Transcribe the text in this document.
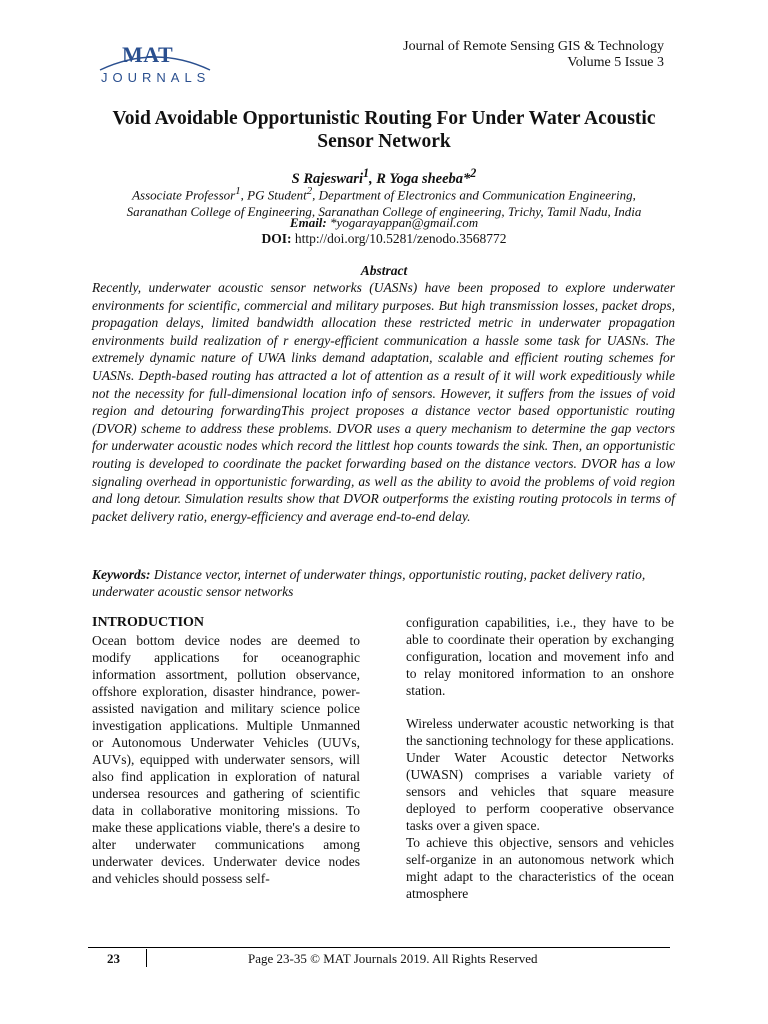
MAT
JOURNALS
Journal of Remote Sensing GIS & Technology
Volume 5 Issue 3
Void Avoidable Opportunistic Routing For Under Water Acoustic Sensor Network
S Rajeswari$^1$, R Yoga sheeba*$^2$
Associate Professor$^1$, PG Student$^2$, Department of Electronics and Communication Engineering,
Saranathan College of Engineering, Saranathan College of engineering, Trichy, Tamil Nadu, India
Email: *yogarayappan@gmail.com
DOI: http://doi.org/10.5281/zenodo.3568772
Abstract

Recently, underwater acoustic sensor networks (UASNs) have been proposed to explore underwater environments for scientific, commercial and military purposes. But high transmission losses, packet drops, propagation delays, limited bandwidth allocation these restricted metric in underwater propagation environments build realization of r energy-efficient communication a hassle some task for UASNs. The extremely dynamic nature of UWA links demand adaptation, scalable and efficient routing schemes for UASNs. Depth-based routing has attracted a lot of attention as a result of it will work expeditiously while not the necessity for full-dimensional location info of sensors. However, it suffers from the issues of void region and detouring forwardingThis project proposes a distance vector based opportunistic routing (DVOR) scheme to address these problems. DVOR uses a query mechanism to determine the gap vectors for underwater acoustic nodes which record the littlest hop counts towards the sink. Then, an opportunistic routing is developed to coordinate the packet forwarding based on the distance vectors. DVOR has a low signaling overhead in opportunistic forwarding, as well as the ability to avoid the problems of void region and long detour. Simulation results show that DVOR outperforms the existing routing protocols in terms of packet delivery ratio, energy-efficiency and average end-to-end delay.

Keywords: Distance vector, internet of underwater things, opportunistic routing, packet delivery ratio, underwater acoustic sensor networks

INTRODUCTION

Ocean bottom device nodes are deemed to modify applications for oceanographic information assortment, pollution observance, offshore exploration, disaster hindrance, power-assisted navigation and military science police investigation applications. Multiple Unmanned or Autonomous Underwater Vehicles (UUVs, AUVs), equipped with underwater sensors, will also find application in exploration of natural undersea resources and gathering of scientific data in collaborative monitoring missions. To make these applications viable, there's a desire to alter underwater communications among underwater devices. Underwater device nodes and vehicles should possess self-

configuration capabilities, i.e., they have to be able to coordinate their operation by exchanging configuration, location and movement info and to relay monitored information to an onshore station.

Wireless underwater acoustic networking is that the sanctioning technology for these applications. Under Water Acoustic detector Networks (UWASN) comprises a variable variety of sensors and vehicles that square measure deployed to perform cooperative observance tasks over a given space.

To achieve this objective, sensors and vehicles self-organize in an autonomous network which might adapt to the characteristics of the ocean atmosphere

23	Page 23-35 © MAT Journals 2019. All Rights Reserved
